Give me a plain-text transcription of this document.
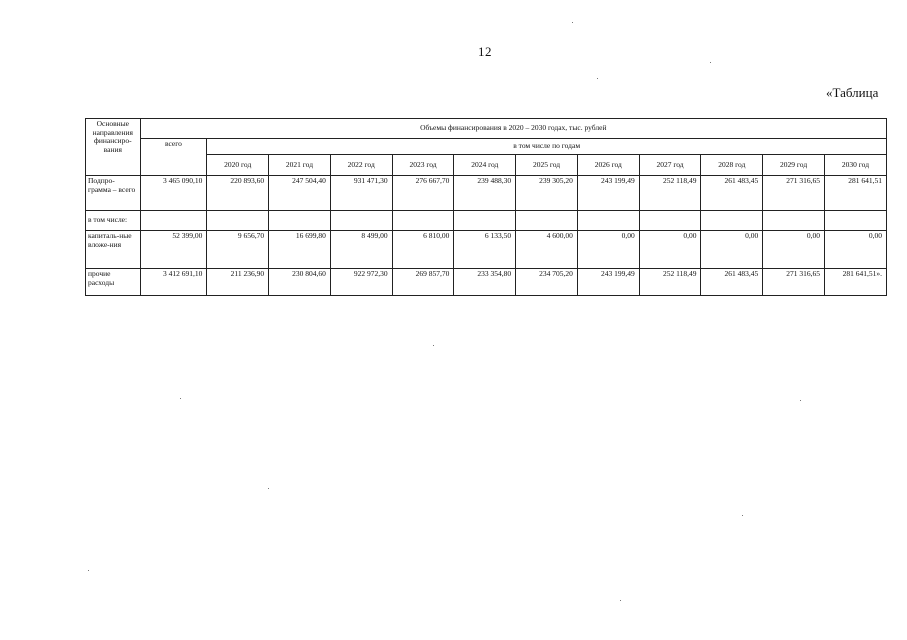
12
«Таблица
Основные направления финансиро-вания	Объемы финансирования в 2020 – 2030 годах, тыс. рублей											
	всего	в том числе по годам										
		2020 год	2021 год	2022 год	2023 год	2024 год	2025 год	2026 год	2027 год	2028 год	2029 год	2030 год
Подпро-грамма – всего	3 465 090,10	220 893,60	247 504,40	931 471,30	276 667,70	239 488,30	239 305,20	243 199,49	252 118,49	261 483,45	271 316,65	281 641,51
в том числе:												
капиталь-ные вложе-ния	52 399,00	9 656,70	16 699,80	8 499,00	6 810,00	6 133,50	4 600,00	0,00	0,00	0,00	0,00	0,00
прочие расходы	3 412 691,10	211 236,90	230 804,60	922 972,30	269 857,70	233 354,80	234 705,20	243 199,49	252 118,49	261 483,45	271 316,65	281 641,51».
